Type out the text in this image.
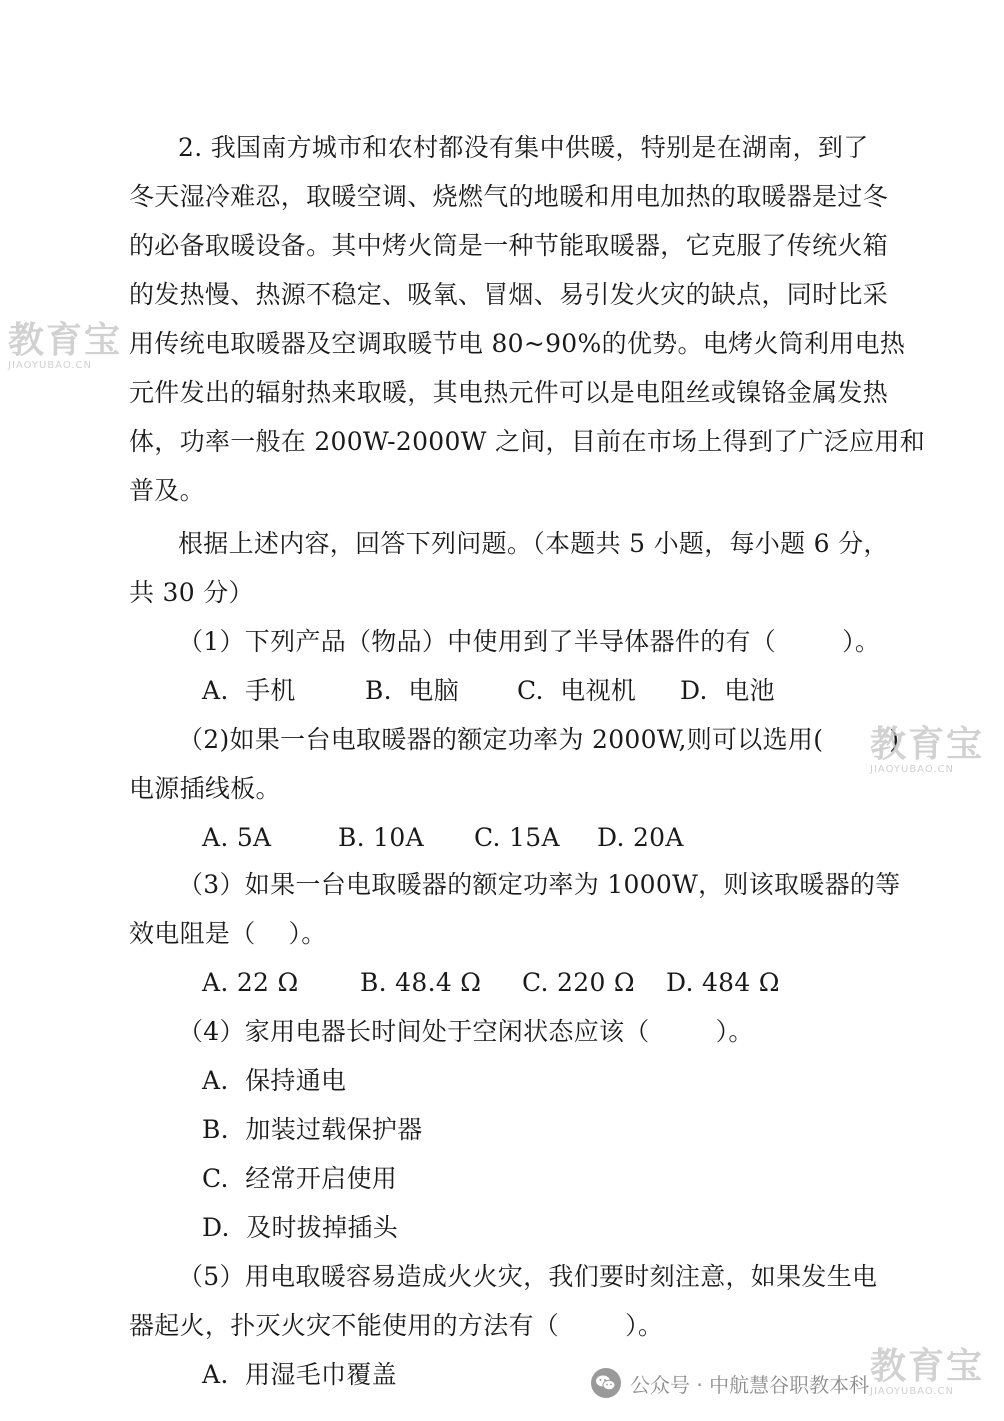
2. 我国南方城市和农村都没有集中供暖，特别是在湖南，到了
冬天湿冷难忍，取暖空调、烧燃气的地暖和用电加热的取暖器是过冬
的必备取暖设备。其中烤火筒是一种节能取暖器，它克服了传统火箱
的发热慢、热源不稳定、吸氧、冒烟、易引发火灾的缺点，同时比采
用传统电取暖器及空调取暖节电 80~90%的优势。电烤火筒利用电热
元件发出的辐射热来取暖，其电热元件可以是电阻丝或镍铬金属发热
体，功率一般在 200W-2000W 之间，目前在市场上得到了广泛应用和
普及。
根据上述内容，回答下列问题。（本题共 5 小题，每小题 6 分，
共 30 分）
（1）下列产品（物品）中使用到了半导体器件的有（        ）。
A.  手机	B.  电脑 C.  电视机 D.  电池
（2)如果一台电取暖器的额定功率为 2000W,则可以选用(        )
电源插线板。
A. 5A	B. 10A C. 15A D. 20A
（3）如果一台电取暖器的额定功率为 1000W，则该取暖器的等
效电阻是（    ）。
A. 22 Ω B. 48.4 Ω C. 220 Ω D. 484 Ω
（4）家用电器长时间处于空闲状态应该（        ）。
A.  保持通电
B.  加装过载保护器
C.  经常开启使用
D.  及时拔掉插头
（5）用电取暖容易造成火火灾，我们要时刻注意，如果发生电
器起火，扑灭火灾不能使用的方法有（        ）。
A.  用湿毛巾覆盖
教育宝
JIAOYUBAO.CN
教育宝
JIAOYUBAO.CN
教育宝
JIAOYUBAO.CN
公众号 · 中航慧谷职教本科
